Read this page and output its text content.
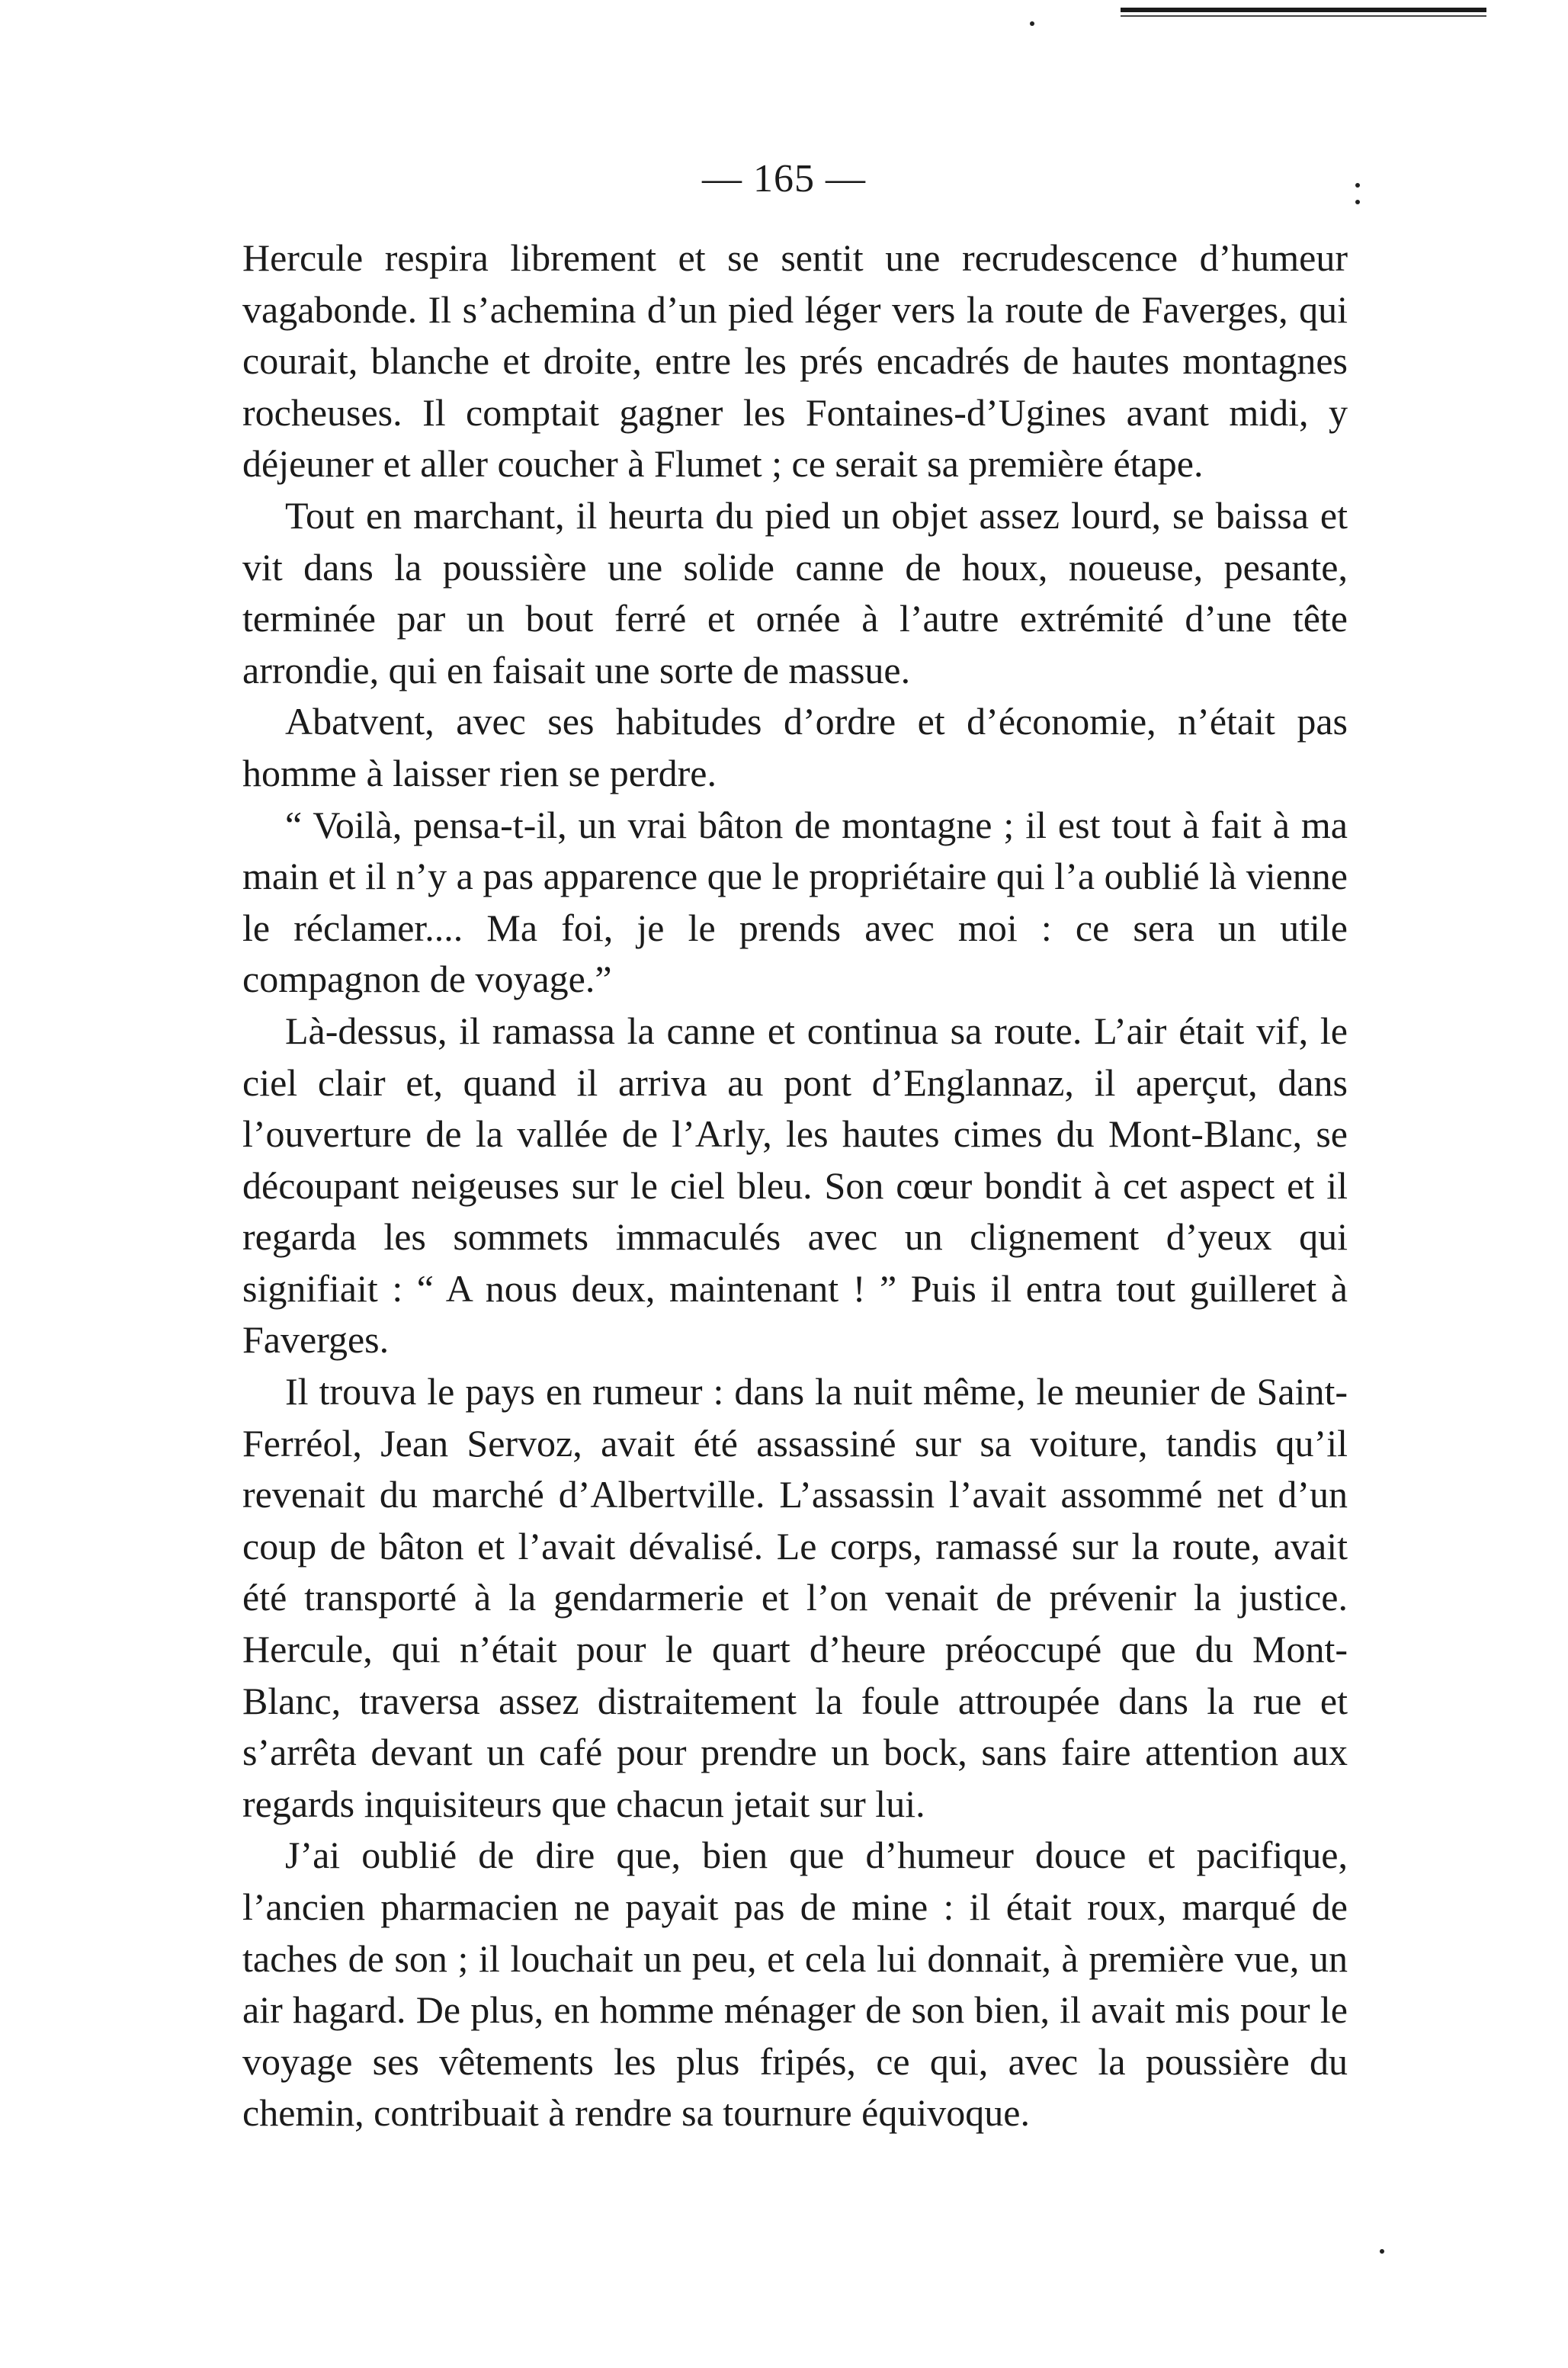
— 165 —

Hercule respira librement et se sentit une recrudescence d’humeur vagabonde. Il s’achemina d’un pied léger vers la route de Faverges, qui courait, blanche et droite, entre les prés encadrés de hautes montagnes rocheuses. Il comptait gagner les Fontaines-d’Ugines avant midi, y déjeuner et aller coucher à Flumet ; ce serait sa première étape.

Tout en marchant, il heurta du pied un objet assez lourd, se baissa et vit dans la poussière une solide canne de houx, noueuse, pesante, terminée par un bout ferré et ornée à l’autre extrémité d’une tête arrondie, qui en faisait une sorte de massue.

Abatvent, avec ses habitudes d’ordre et d’économie, n’était pas homme à laisser rien se perdre.

“ Voilà, pensa-t-il, un vrai bâton de montagne ; il est tout à fait à ma main et il n’y a pas apparence que le propriétaire qui l’a oublié là vienne le réclamer.... Ma foi, je le prends avec moi : ce sera un utile compagnon de voyage.”

Là-dessus, il ramassa la canne et continua sa route. L’air était vif, le ciel clair et, quand il arriva au pont d’Englannaz, il aperçut, dans l’ouverture de la vallée de l’Arly, les hautes cimes du Mont-Blanc, se découpant neigeuses sur le ciel bleu. Son cœur bondit à cet aspect et il regarda les sommets immaculés avec un clignement d’yeux qui signifiait : “ A nous deux, maintenant ! ” Puis il entra tout guilleret à Faverges.

Il trouva le pays en rumeur : dans la nuit même, le meunier de Saint-Ferréol, Jean Servoz, avait été assassiné sur sa voiture, tandis qu’il revenait du marché d’Albertville. L’assassin l’avait assommé net d’un coup de bâton et l’avait dévalisé. Le corps, ramassé sur la route, avait été transporté à la gendarmerie et l’on venait de prévenir la justice. Hercule, qui n’était pour le quart d’heure préoccupé que du Mont-Blanc, traversa assez distraitement la foule attroupée dans la rue et s’arrêta devant un café pour prendre un bock, sans faire attention aux regards inquisiteurs que chacun jetait sur lui.

J’ai oublié de dire que, bien que d’humeur douce et pacifique, l’ancien pharmacien ne payait pas de mine : il était roux, marqué de taches de son ; il louchait un peu, et cela lui donnait, à première vue, un air hagard. De plus, en homme ménager de son bien, il avait mis pour le voyage ses vêtements les plus fripés, ce qui, avec la poussière du chemin, contribuait à rendre sa tournure équivoque.
